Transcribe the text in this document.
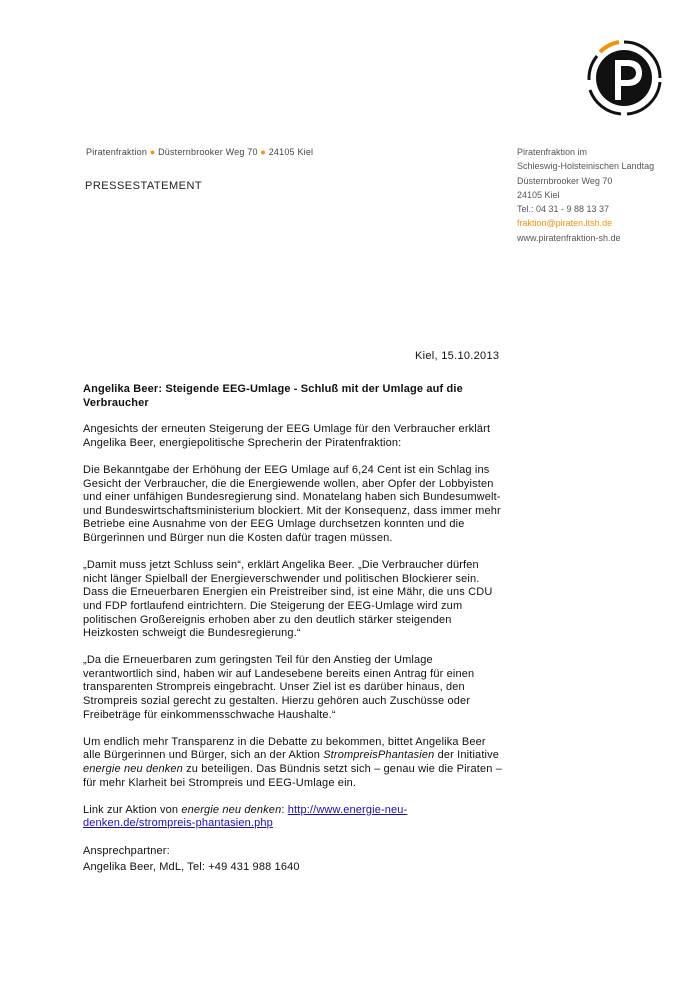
Piratenfraktion ● Düsternbrooker Weg 70 ● 24105 Kiel
PRESSESTATEMENT
Piratenfraktion im
Schleswig-Holsteinischen Landtag
Düsternbrooker Weg 70
24105 Kiel
Tel.: 04 31 - 9 88 13 37
fraktion@piraten.ltsh.de
www.piratenfraktion-sh.de
Kiel, 15.10.2013

Angelika Beer: Steigende EEG-Umlage - Schluß mit der Umlage auf die Verbraucher

Angesichts der erneuten Steigerung der EEG Umlage für den Verbraucher erklärt Angelika Beer, energiepolitische Sprecherin der Piratenfraktion:

Die Bekanntgabe der Erhöhung der EEG Umlage auf 6,24 Cent ist ein Schlag ins Gesicht der Verbraucher, die die Energiewende wollen, aber Opfer der Lobbyisten und einer unfähigen Bundesregierung sind. Monatelang haben sich Bundesumwelt- und Bundeswirtschaftsministerium blockiert. Mit der Konsequenz, dass immer mehr Betriebe eine Ausnahme von der EEG Umlage durchsetzen konnten und die Bürgerinnen und Bürger nun die Kosten dafür tragen müssen.

„Damit muss jetzt Schluss sein“, erklärt Angelika Beer. „Die Verbraucher dürfen nicht länger Spielball der Energieverschwender und politischen Blockierer sein. Dass die Erneuerbaren Energien ein Preistreiber sind, ist eine Mähr, die uns CDU und FDP fortlaufend eintrichtern. Die Steigerung der EEG-Umlage wird zum politischen Großereignis erhoben aber zu den deutlich stärker steigenden Heizkosten schweigt die Bundesregierung.“

„Da die Erneuerbaren zum geringsten Teil für den Anstieg der Umlage verantwortlich sind, haben wir auf Landesebene bereits einen Antrag für einen transparenten Strompreis eingebracht. Unser Ziel ist es darüber hinaus, den Strompreis sozial gerecht zu gestalten. Hierzu gehören auch Zuschüsse oder Freibeträge für einkommensschwache Haushalte.“

Um endlich mehr Transparenz in die Debatte zu bekommen, bittet Angelika Beer alle Bürgerinnen und Bürger, sich an der Aktion StrompreisPhantasien der Initiative energie neu denken zu beteiligen. Das Bündnis setzt sich – genau wie die Piraten – für mehr Klarheit bei Strompreis und EEG-Umlage ein.

Link zur Aktion von energie neu denken: http://www.energie-neu-denken.de/strompreis-phantasien.php

Ansprechpartner:

Angelika Beer, MdL, Tel: +49 431 988 1640
